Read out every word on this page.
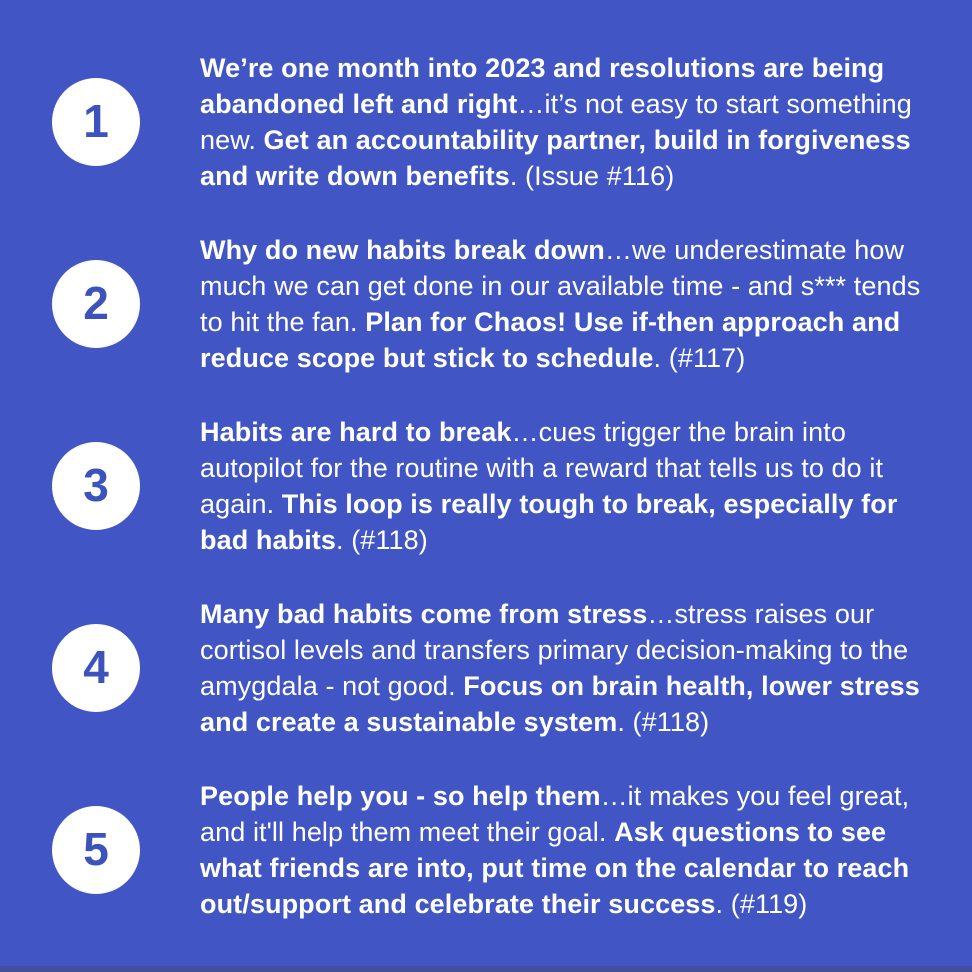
1

We’re one month into 2023 and resolutions are being abandoned left and right…it’s not easy to start something new. Get an accountability partner, build in forgiveness and write down benefits. (Issue #116)

2

Why do new habits break down…we underestimate how much we can get done in our available time - and s*** tends to hit the fan. Plan for Chaos! Use if-then approach and reduce scope but stick to schedule. (#117)

3

Habits are hard to break…cues trigger the brain into autopilot for the routine with a reward that tells us to do it again. This loop is really tough to break, especially for bad habits. (#118)

4

Many bad habits come from stress…stress raises our cortisol levels and transfers primary decision-making to the amygdala - not good. Focus on brain health, lower stress and create a sustainable system. (#118)

5

People help you - so help them…it makes you feel great, and it'll help them meet their goal. Ask questions to see what friends are into, put time on the calendar to reach out/support and celebrate their success. (#119)
